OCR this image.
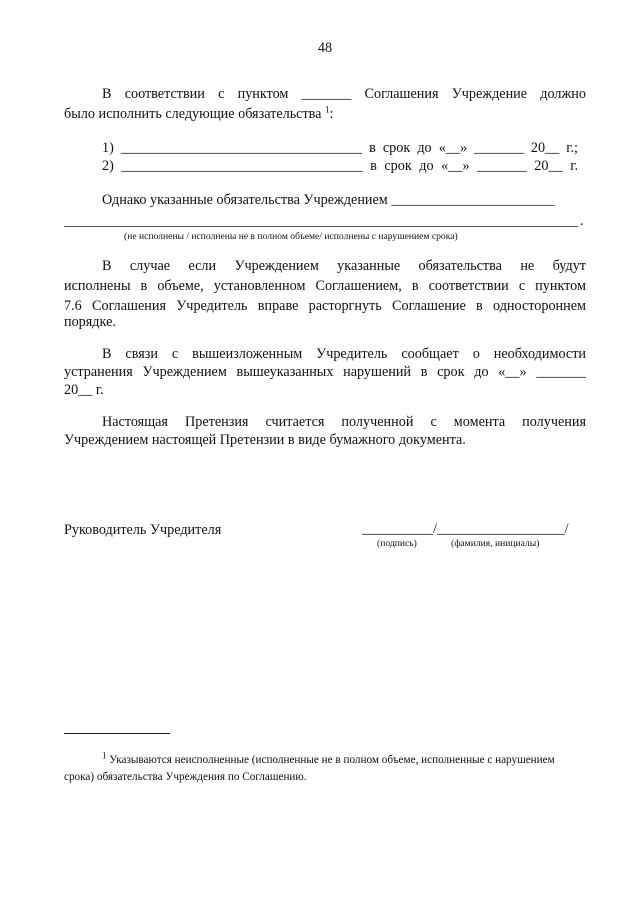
48
В соответствии с пунктом _______ Соглашения Учреждение должно
было исполнить следующие обязательства $^1$:
1) __________________________________ в срок до «__» _______ 20__ г.;
2) __________________________________ в срок до «__» _______ 20__ г.
Однако указанные обязательства Учреждением _______________________
.
(не исполнены / исполнены не в полном объеме/ исполнены с нарушением срока)
В случае если Учреждением указанные обязательства не будут
исполнены в объеме, установленном Соглашением, в соответствии с пунктом
7.6 Соглашения Учредитель вправе расторгнуть Соглашение в одностороннем
порядке.
В связи с вышеизложенным Учредитель сообщает о необходимости
устранения Учреждением вышеуказанных нарушений в срок до «__» _______
20__ г.
Настоящая Претензия считается полученной с момента получения
Учреждением настоящей Претензии в виде бумажного документа.
Руководитель Учредителя	__________/__________________/
(подпись)	(фамилия, инициалы)
$^1$ Указываются неисполненные (исполненные не в полном объеме, исполненные с нарушением
срока) обязательства Учреждения по Соглашению.
